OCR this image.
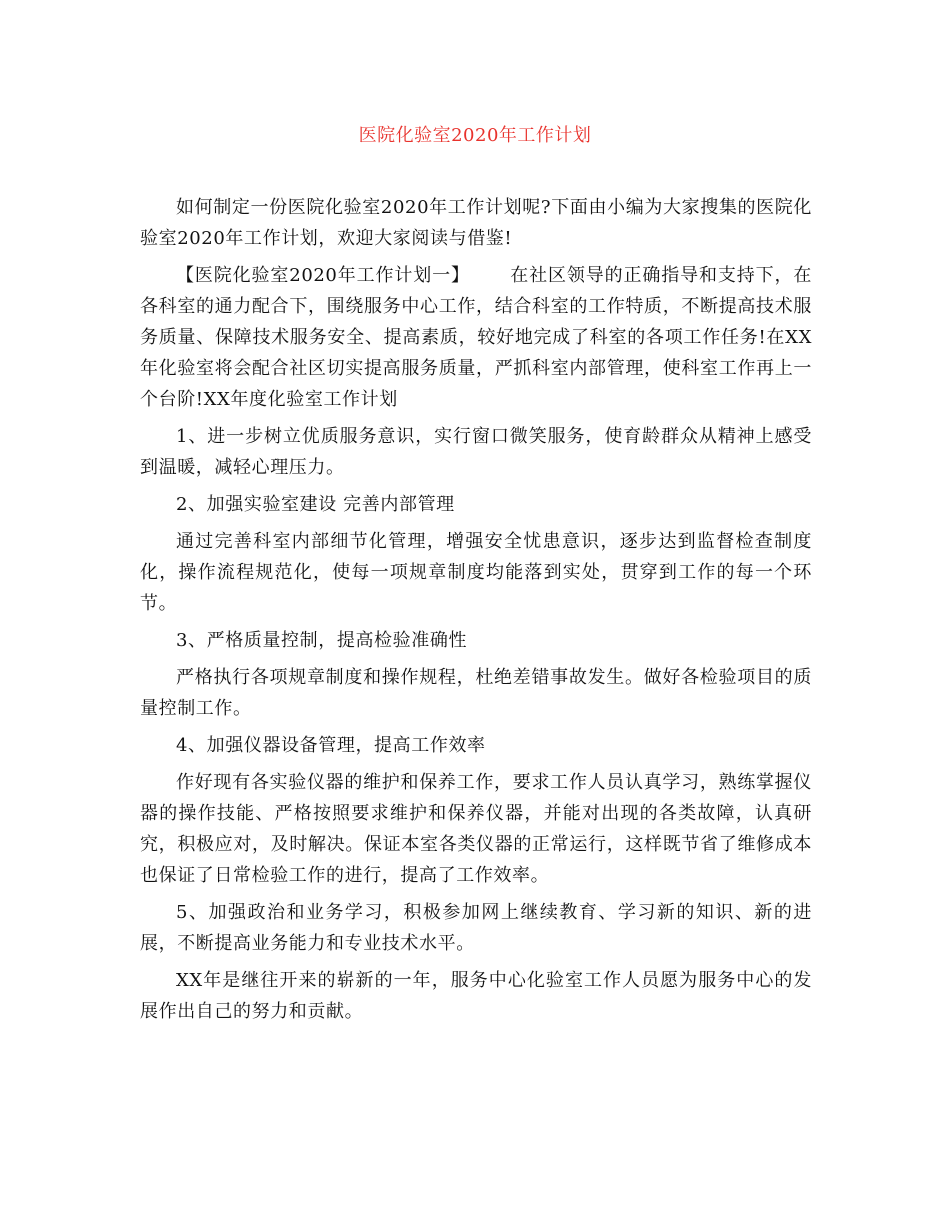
医院化验室2020年工作计划

如何制定一份医院化验室2020年工作计划呢?下面由小编为大家搜集的医院化验室2020年工作计划，欢迎大家阅读与借鉴!

【医院化验室2020年工作计划一】 在社区领导的正确指导和支持下，在各科室的通力配合下，围绕服务中心工作，结合科室的工作特质，不断提高技术服务质量、保障技术服务安全、提高素质，较好地完成了科室的各项工作任务!在XX年化验室将会配合社区切实提高服务质量，严抓科室内部管理，使科室工作再上一个台阶!XX年度化验室工作计划

1、进一步树立优质服务意识，实行窗口微笑服务，使育龄群众从精神上感受到温暖，减轻心理压力。

2、加强实验室建设 完善内部管理

通过完善科室内部细节化管理，增强安全忧患意识，逐步达到监督检查制度化，操作流程规范化，使每一项规章制度均能落到实处，贯穿到工作的每一个环节。

3、严格质量控制，提高检验准确性

严格执行各项规章制度和操作规程，杜绝差错事故发生。做好各检验项目的质量控制工作。

4、加强仪器设备管理，提高工作效率

作好现有各实验仪器的维护和保养工作，要求工作人员认真学习，熟练掌握仪器的操作技能、严格按照要求维护和保养仪器，并能对出现的各类故障，认真研究，积极应对，及时解决。保证本室各类仪器的正常运行，这样既节省了维修成本也保证了日常检验工作的进行，提高了工作效率。

5、加强政治和业务学习，积极参加网上继续教育、学习新的知识、新的进展，不断提高业务能力和专业技术水平。

XX年是继往开来的崭新的一年，服务中心化验室工作人员愿为服务中心的发展作出自己的努力和贡献。
